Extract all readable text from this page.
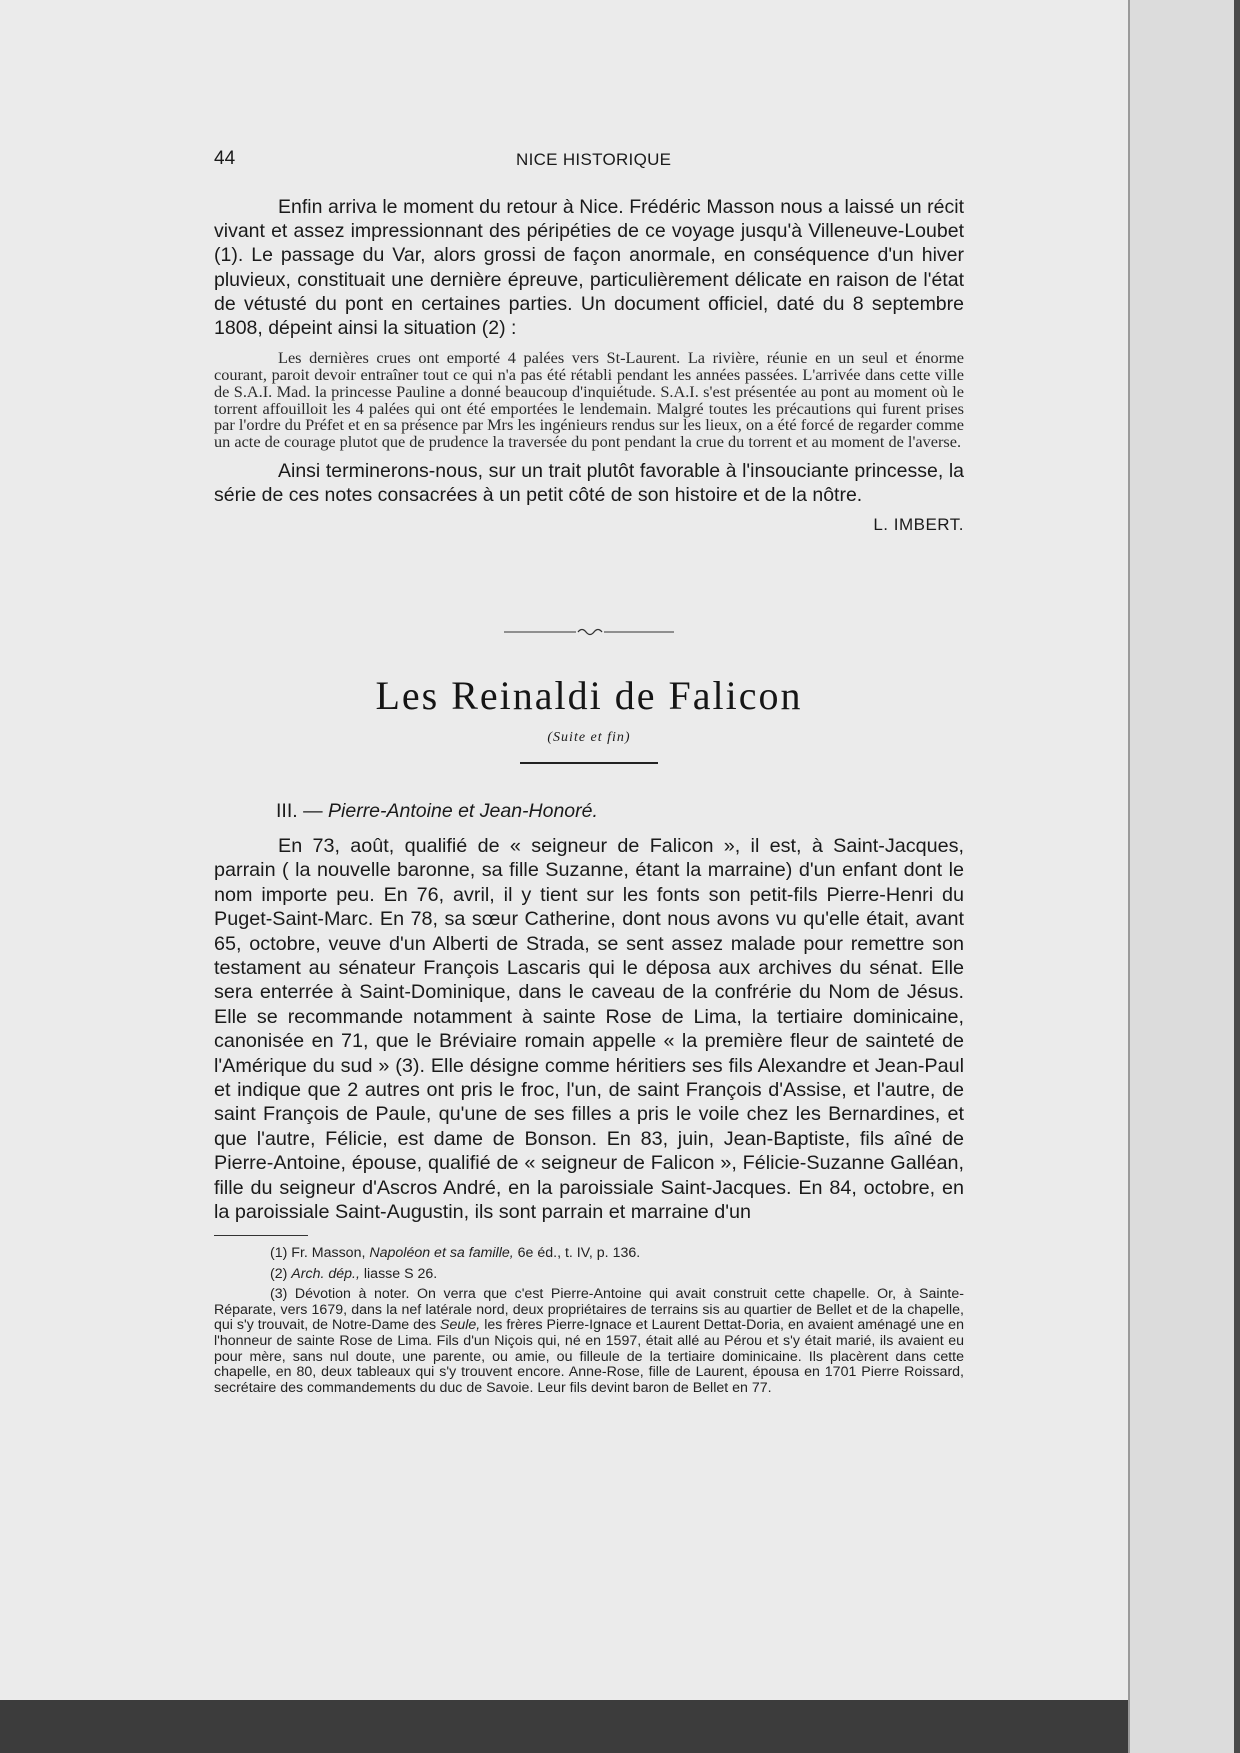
44	NICE HISTORIQUE

Enfin arriva le moment du retour à Nice. Frédéric Masson nous a laissé un récit vivant et assez impressionnant des péripéties de ce voyage jusqu'à Villeneuve-Loubet (1). Le passage du Var, alors grossi de façon anormale, en conséquence d'un hiver pluvieux, constituait une dernière épreuve, particulièrement délicate en raison de l'état de vétusté du pont en certaines parties. Un document officiel, daté du 8 septembre 1808, dépeint ainsi la situation (2) :

Les dernières crues ont emporté 4 palées vers St-Laurent. La rivière, réunie en un seul et énorme courant, paroit devoir entraîner tout ce qui n'a pas été rétabli pendant les années passées. L'arrivée dans cette ville de S.A.I. Mad. la princesse Pauline a donné beaucoup d'inquiétude. S.A.I. s'est présentée au pont au moment où le torrent affouilloit les 4 palées qui ont été emportées le lendemain. Malgré toutes les précautions qui furent prises par l'ordre du Préfet et en sa présence par Mrs les ingénieurs rendus sur les lieux, on a été forcé de regarder comme un acte de courage plutot que de prudence la traversée du pont pendant la crue du torrent et au moment de l'averse.

Ainsi terminerons-nous, sur un trait plutôt favorable à l'insouciante princesse, la série de ces notes consacrées à un petit côté de son histoire et de la nôtre.

L. IMBERT.

Les Reinaldi de Falicon
(Suite et fin)
III. — Pierre-Antoine et Jean-Honoré.

En 73, août, qualifié de « seigneur de Falicon », il est, à Saint-Jacques, parrain ( la nouvelle baronne, sa fille Suzanne, étant la marraine) d'un enfant dont le nom importe peu. En 76, avril, il y tient sur les fonts son petit-fils Pierre-Henri du Puget-Saint-Marc. En 78, sa sœur Catherine, dont nous avons vu qu'elle était, avant 65, octobre, veuve d'un Alberti de Strada, se sent assez malade pour remettre son testament au sénateur François Lascaris qui le déposa aux archives du sénat. Elle sera enterrée à Saint-Dominique, dans le caveau de la confrérie du Nom de Jésus. Elle se recommande notamment à sainte Rose de Lima, la tertiaire dominicaine, canonisée en 71, que le Bréviaire romain appelle « la première fleur de sainteté de l'Amérique du sud » (3). Elle désigne comme héritiers ses fils Alexandre et Jean-Paul et indique que 2 autres ont pris le froc, l'un, de saint François d'Assise, et l'autre, de saint François de Paule, qu'une de ses filles a pris le voile chez les Bernardines, et que l'autre, Félicie, est dame de Bonson. En 83, juin, Jean-Baptiste, fils aîné de Pierre-Antoine, épouse, qualifié de « seigneur de Falicon », Félicie-Suzanne Galléan, fille du seigneur d'Ascros André, en la paroissiale Saint-Jacques. En 84, octobre, en la paroissiale Saint-Augustin, ils sont parrain et marraine d'un

(1) Fr. Masson, Napoléon et sa famille, 6e éd., t. IV, p. 136.

(2) Arch. dép., liasse S 26.

(3) Dévotion à noter. On verra que c'est Pierre-Antoine qui avait construit cette chapelle. Or, à Sainte-Réparate, vers 1679, dans la nef latérale nord, deux propriétaires de terrains sis au quartier de Bellet et de la chapelle, qui s'y trouvait, de Notre-Dame des Seule, les frères Pierre-Ignace et Laurent Dettat-Doria, en avaient aménagé une en l'honneur de sainte Rose de Lima. Fils d'un Niçois qui, né en 1597, était allé au Pérou et s'y était marié, ils avaient eu pour mère, sans nul doute, une parente, ou amie, ou filleule de la tertiaire dominicaine. Ils placèrent dans cette chapelle, en 80, deux tableaux qui s'y trouvent encore. Anne-Rose, fille de Laurent, épousa en 1701 Pierre Roissard, secrétaire des commandements du duc de Savoie. Leur fils devint baron de Bellet en 77.
